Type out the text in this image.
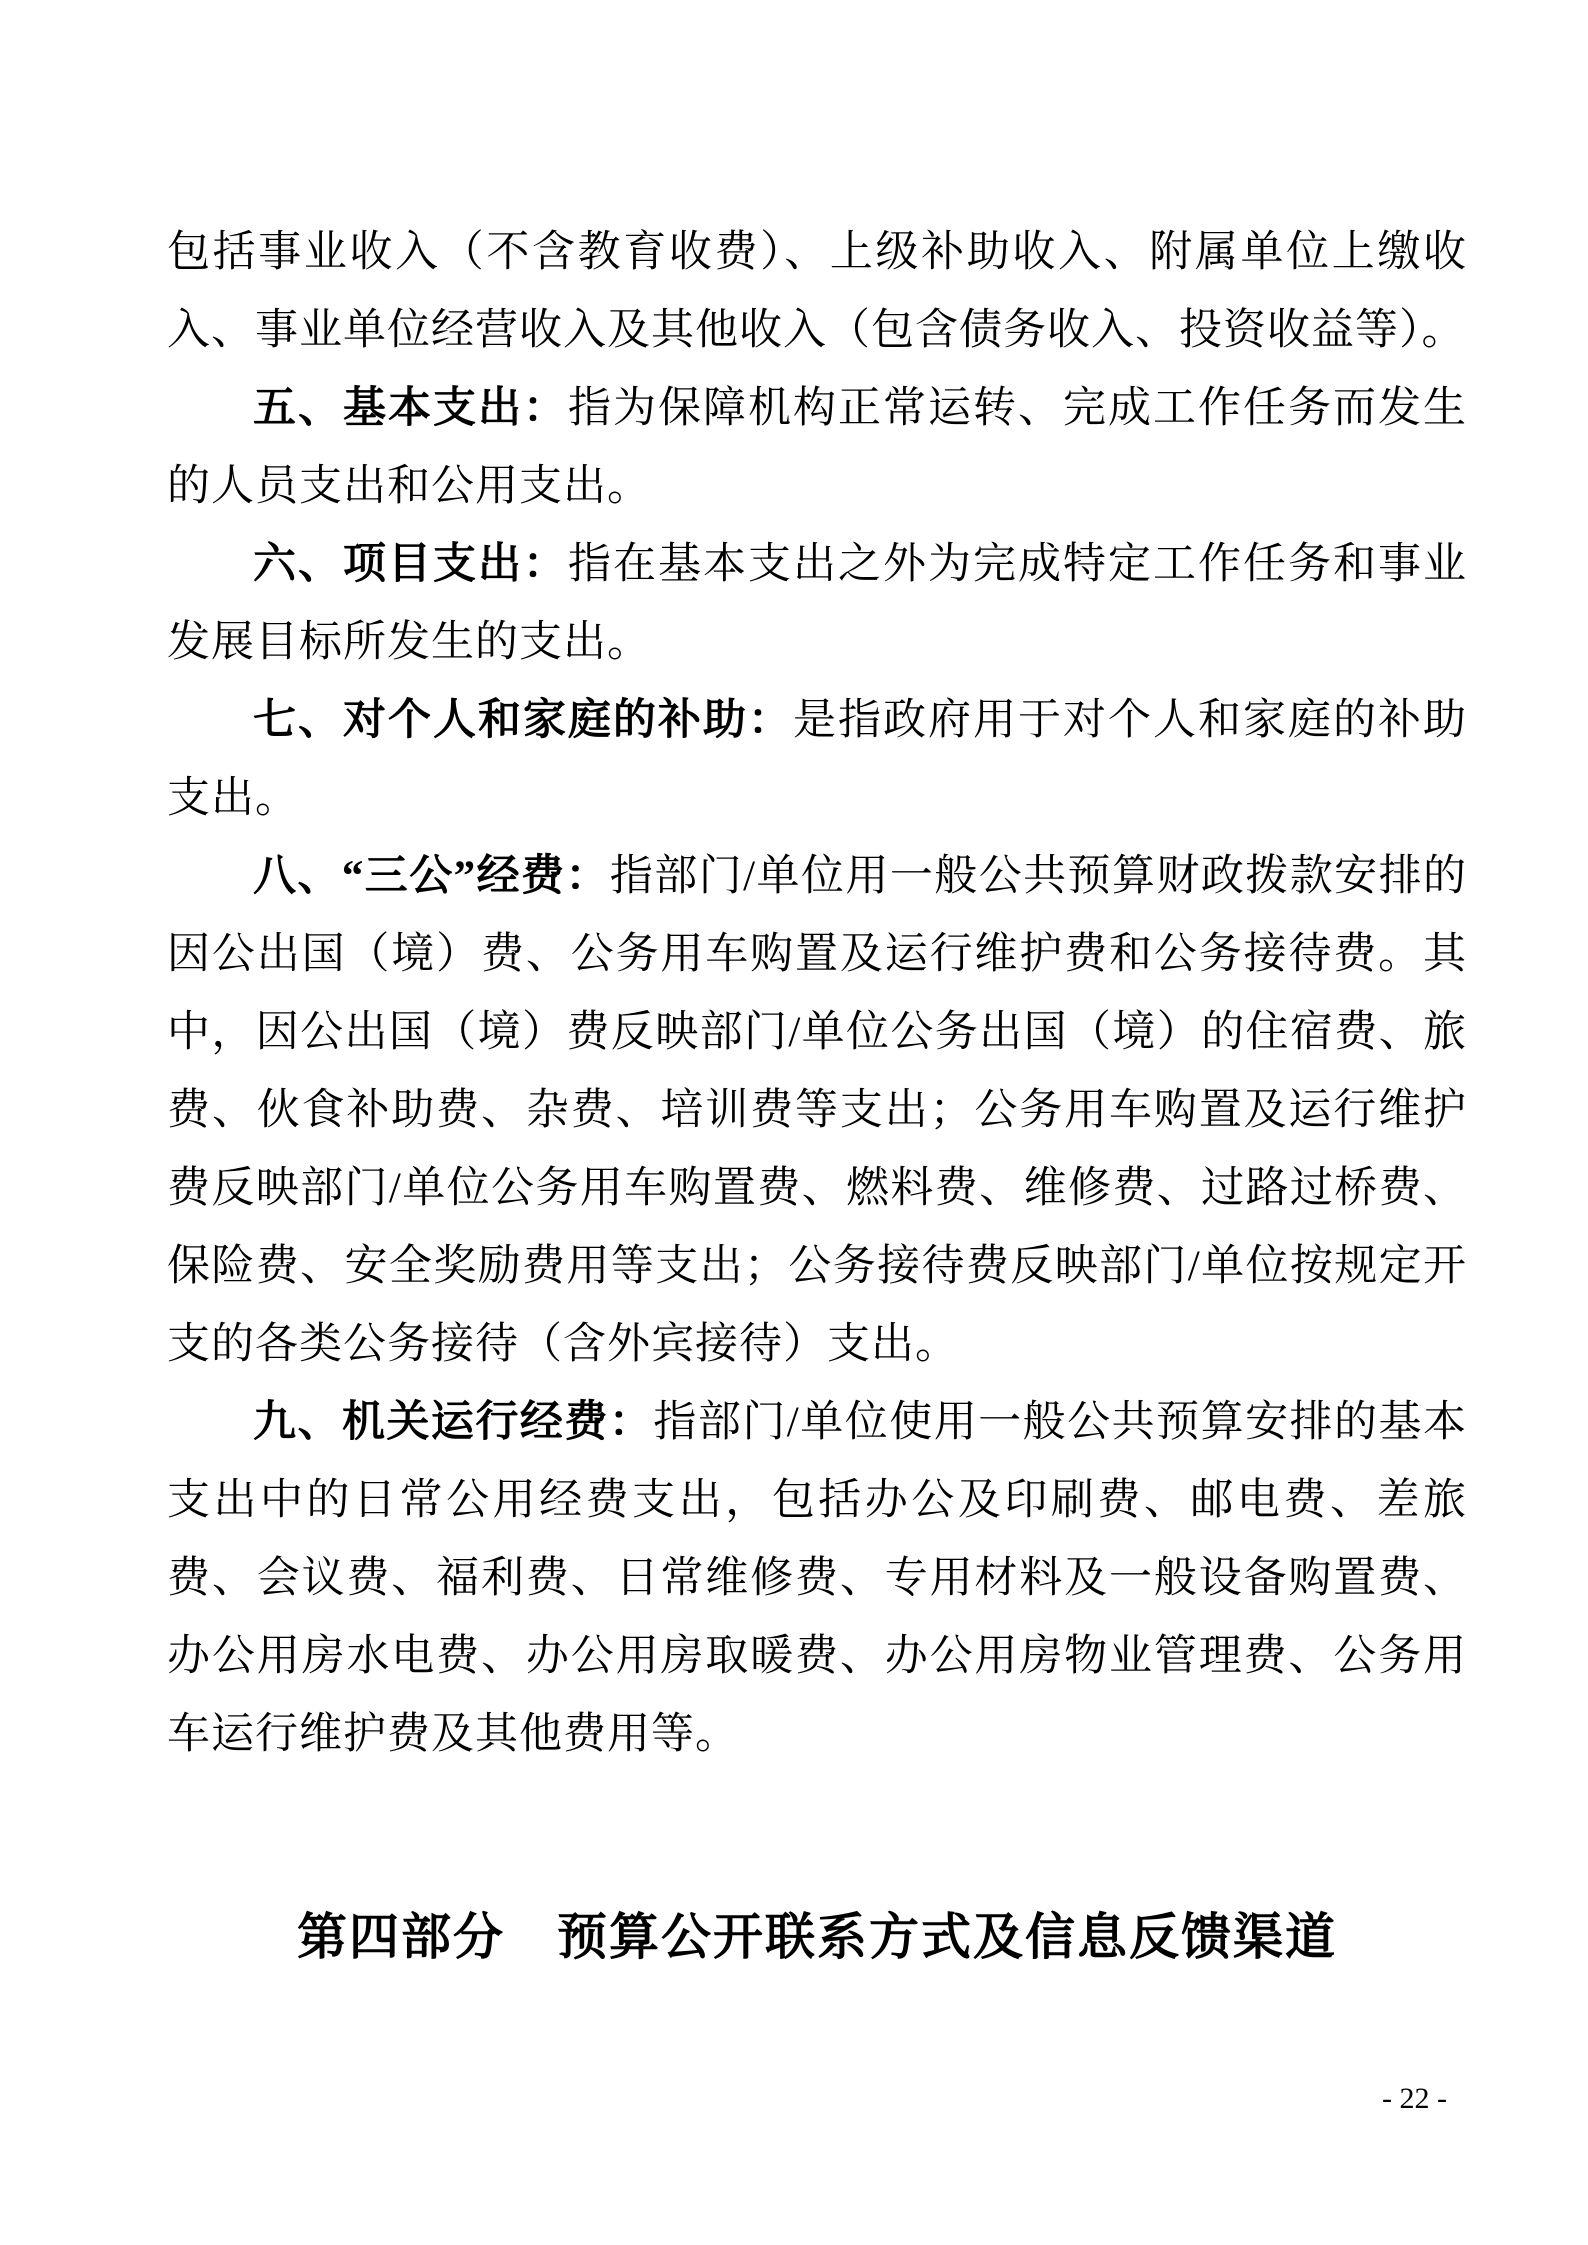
包括事业收入（不含教育收费）、上级补助收入、附属单位上缴收入、事业单位经营收入及其他收入（包含债务收入、投资收益等）。

五、基本支出：指为保障机构正常运转、完成工作任务而发生的人员支出和公用支出。

六、项目支出：指在基本支出之外为完成特定工作任务和事业发展目标所发生的支出。

七、对个人和家庭的补助：是指政府用于对个人和家庭的补助支出。

八、“三公”经费：指部门/单位用一般公共预算财政拨款安排的因公出国（境）费、公务用车购置及运行维护费和公务接待费。其中，因公出国（境）费反映部门/单位公务出国（境）的住宿费、旅费、伙食补助费、杂费、培训费等支出；公务用车购置及运行维护费反映部门/单位公务用车购置费、燃料费、维修费、过路过桥费、保险费、安全奖励费用等支出；公务接待费反映部门/单位按规定开支的各类公务接待（含外宾接待）支出。

九、机关运行经费：指部门/单位使用一般公共预算安排的基本支出中的日常公用经费支出，包括办公及印刷费、邮电费、差旅费、会议费、福利费、日常维修费、专用材料及一般设备购置费、办公用房水电费、办公用房取暖费、办公用房物业管理费、公务用车运行维护费及其他费用等。

第四部分　预算公开联系方式及信息反馈渠道
- 22 -
